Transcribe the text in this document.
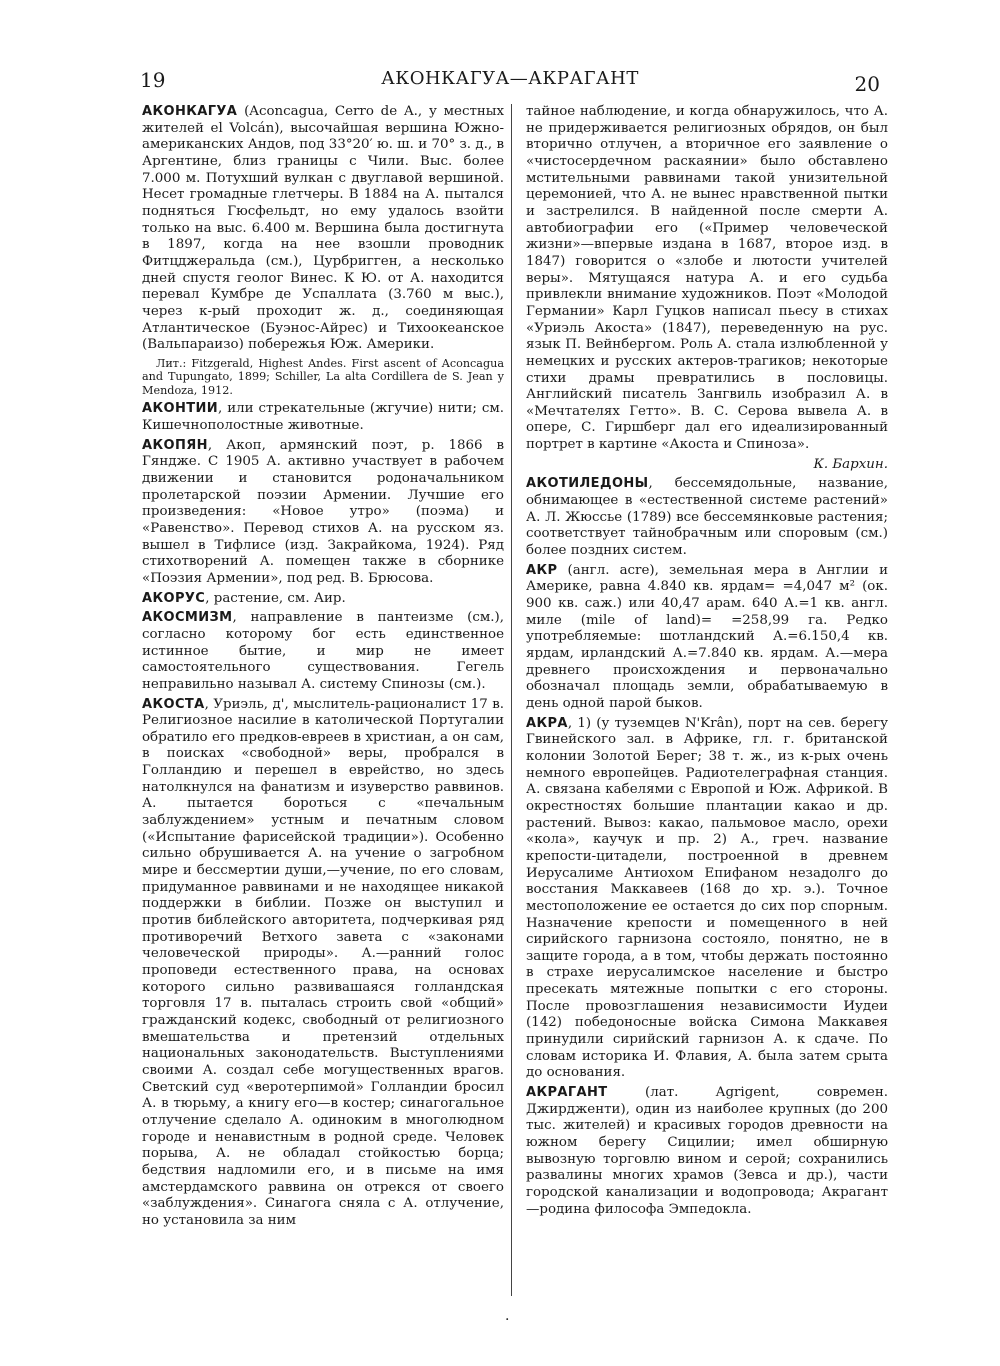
19	АКОНКАГУА—АКРАГАНТ	20

АКОНКАГУА (Aconcagua, Cerro de A., у местных жителей el Volcán), высочайшая вершина Южно-американских Андов, под 33°20′ ю. ш. и 70° з. д., в Аргентине, близ границы с Чили. Выс. более 7.000 м. Потухший вулкан с двуглавой вершиной. Несет громадные глетчеры. В 1884 на А. пытался подняться Гюсфельдт, но ему удалось взойти только на выс. 6.400 м. Вершина была достигнута в 1897, когда на нее взошли проводник Фитцджеральда (см.), Цурбригген, а несколько дней спустя геолог Винес. К Ю. от А. находится перевал Кумбре де Успаллата (3.760 м выс.), через к-рый проходит ж. д., соединяющая Атлантическое (Буэнос-Айрес) и Тихоокеанское (Вальпараизо) побережья Юж. Америки.

Лит.: Fitzgerald, Highest Andes. First ascent of Aconcagua and Tupungato, 1899; Schiller, La alta Cordillera de S. Jean y Mendoza, 1912.

АКОНТИИ, или стрекательные (жгучие) нити; см. Кишечнополостные животные.

АКОПЯН, Акоп, армянский поэт, р. 1866 в Гяндже. С 1905 А. активно участвует в рабочем движении и становится родоначальником пролетарской поэзии Армении. Лучшие его произведения: «Новое утро» (поэма) и «Равенство». Перевод стихов А. на русском яз. вышел в Тифлисе (изд. Закрайкома, 1924). Ряд стихотворений А. помещен также в сборнике «Поэзия Армении», под ред. В. Брюсова.

АКОРУС, растение, см. Аир.

АКОСМИЗМ, направление в пантеизме (см.), согласно которому бог есть единственное истинное бытие, и мир не имеет самостоятельного существования. Гегель неправильно называл А. систему Спинозы (см.).

АКОСТА, Уриэль, д', мыслитель-рационалист 17 в. Религиозное насилие в католической Португалии обратило его предков-евреев в христиан, а он сам, в поисках «свободной» веры, пробрался в Голландию и перешел в еврейство, но здесь натолкнулся на фанатизм и изуверство раввинов. А. пытается бороться с «печальным заблуждением» устным и печатным словом («Испытание фарисейской традиции»). Особенно сильно обрушивается А. на учение о загробном мире и бессмертии души,—учение, по его словам, придуманное раввинами и не находящее никакой поддержки в библии. Позже он выступил и против библейского авторитета, подчеркивая ряд противоречий Ветхого завета с «законами человеческой природы». А.—ранний голос проповеди естественного права, на основах которого сильно развивашаяся голландская торговля 17 в. пыталась строить свой «общий» гражданский кодекс, свободный от религиозного вмешательства и претензий отдельных национальных законодательств. Выступлениями своими А. создал себе могущественных врагов. Светский суд «веротерпимой» Голландии бросил А. в тюрьму, а книгу его—в костер; синагогальное отлучение сделало А. одиноким в многолюдном городе и ненавистным в родной среде. Человек порыва, А. не обладал стойкостью борца; бедствия надломили его, и в письме на имя амстердамского раввина он отрекся от своего «заблуждения». Синагога сняла с А. отлучение, но установила за ним

тайное наблюдение, и когда обнаружилось, что А. не придерживается религиозных обрядов, он был вторично отлучен, а вторичное его заявление о «чистосердечном раскаянии» было обставлено мстительными раввинами такой унизительной церемонией, что А. не вынес нравственной пытки и застрелился. В найденной после смерти А. автобиографии его («Пример человеческой жизни»—впервые издана в 1687, второе изд. в 1847) говорится о «злобе и лютости учителей веры». Мятущаяся натура А. и его судьба привлекли внимание художников. Поэт «Молодой Германии» Карл Гуцков написал пьесу в стихах «Уриэль Акоста» (1847), переведенную на рус. язык П. Вейнбергом. Роль А. стала излюбленной у немецких и русских актеров-трагиков; некоторые стихи драмы превратились в пословицы. Английский писатель Зангвиль изобразил А. в «Мечтателях Гетто». В. С. Серова вывела А. в опере, С. Гиршберг дал его идеализированный портрет в картине «Акоста и Спиноза».

К. Бaрхин.

АКОТИЛЕДОНЫ, бессемядольные, название, обнимающее в «естественной системе растений» А. Л. Жюссье (1789) все бессемянковые растения; соответствует тайнобрачным или споровым (см.) более поздних систем.

АКР (англ. acre), земельная мера в Англии и Америке, равна 4.840 кв. ярдам= =4,047 м² (ок. 900 кв. саж.) или 40,47 арам. 640 А.=1 кв. англ. миле (mile of land)= =258,99 га. Редко употребляемые: шотландский А.=6.150,4 кв. ярдам, ирландский А.=7.840 кв. ярдам. А.—мера древнего происхождения и первоначально обозначал площадь земли, обрабатываемую в день одной парой быков.

АКРА, 1) (у туземцев N'Krân), порт на сев. берегу Гвинейского зал. в Африке, гл. г. британской колонии Золотой Берег; 38 т. ж., из к-рых очень немного европейцев. Радиотелеграфная станция. А. связана кабелями с Европой и Юж. Африкой. В окрестностях большие плантации какао и др. растений. Вывоз: какао, пальмовое масло, орехи «кола», каучук и пр. 2) А., греч. название крепости-цитадели, построенной в древнем Иерусалиме Антиохом Епифаном незадолго до восстания Маккавеев (168 до хр. э.). Точное местоположение ее остается до сих пор спорным. Назначение крепости и помещенного в ней сирийского гарнизона состояло, понятно, не в защите города, а в том, чтобы держать постоянно в страхе иерусалимское население и быстро пресекать мятежные попытки с его стороны. После провозглашения независимости Иудеи (142) победоносные войска Симона Маккавея принудили сирийский гарнизон А. к сдаче. По словам историка И. Флавия, А. была затем срыта до основания.

АКРАГАНТ (лат. Agrigent, современ. Джирдженти), один из наиболее крупных (до 200 тыс. жителей) и красивых городов древности на южном берегу Сицилии; имел обширную вывозную торговлю вином и серой; сохранились развалины многих храмов (Зевса и др.), части городской канализации и водопровода; Акрагант—родина философа Эмпедокла.

·
